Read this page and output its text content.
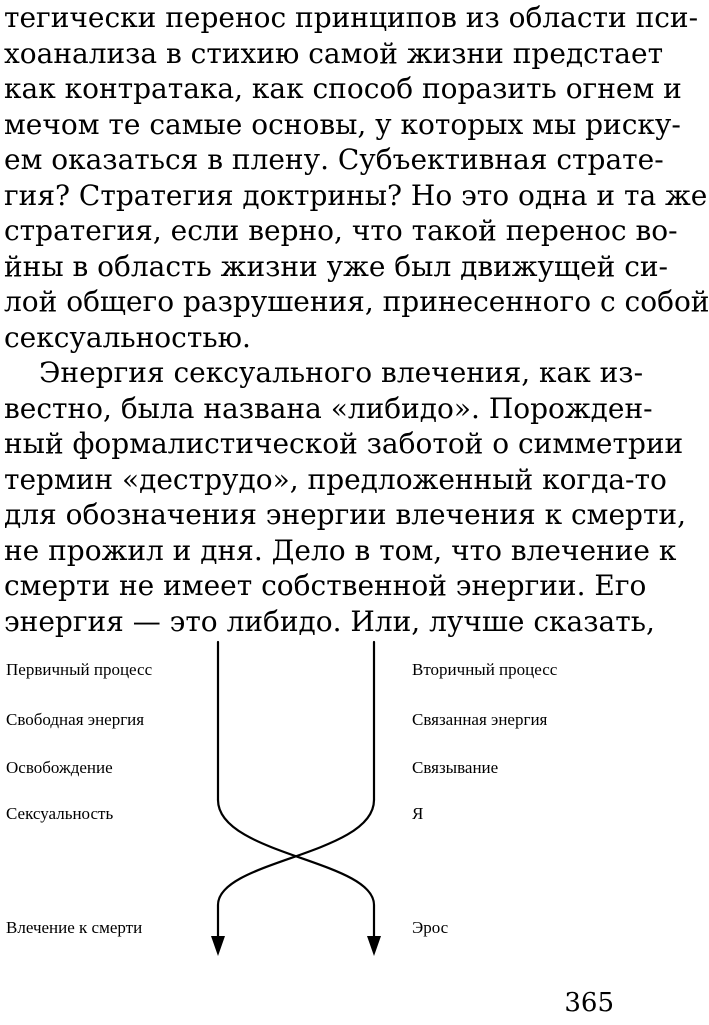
тегически перенос принципов из области пси-
хоанализа в стихию самой жизни предстает
как контратака, как способ поразить огнем и
мечом те самые основы, у которых мы риску-
ем оказаться в плену. Субъективная страте-
гия? Стратегия доктрины? Но это одна и та же
стратегия, если верно, что такой перенос во-
йны в область жизни уже был движущей си-
лой общего разрушения, принесенного с собой
сексуальностью.
Энергия сексуального влечения, как из-
вестно, была названа «либидо». Порожден-
ный формалистической заботой о симметрии
термин «деструдо», предложенный когда-то
для обозначения энергии влечения к смерти,
не прожил и дня. Дело в том, что влечение к
смерти не имеет собственной энергии. Его
энергия — это либидо. Или, лучше сказать,
Первичный процесс
Свободная энергия
Освобождение
Сексуальность
Влечение к смерти
Вторичный процесс
Связанная энергия
Связывание
Я
Эрос
365
